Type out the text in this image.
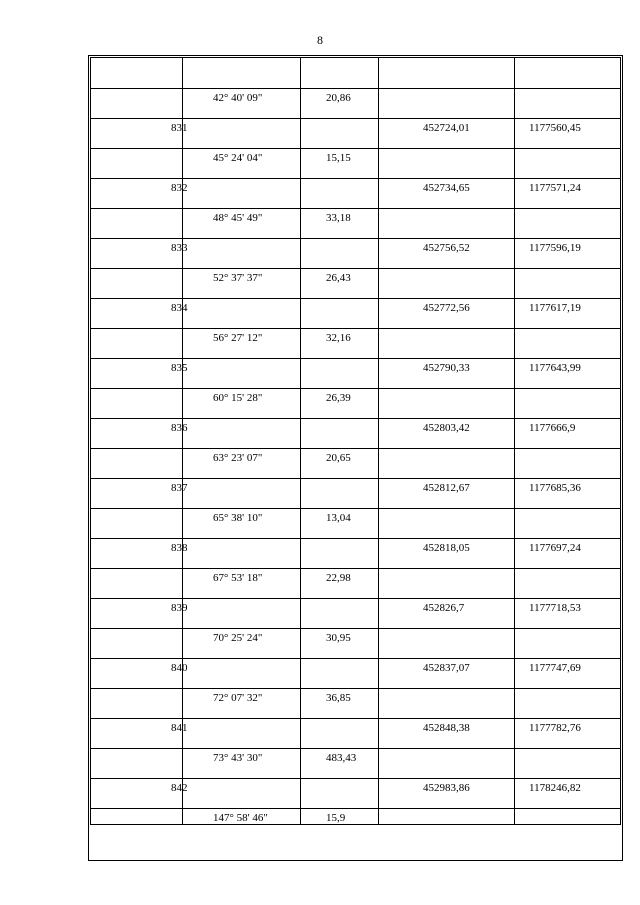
8

	42° 40' 09"	20,86		

831			452724,01	1177560,45

	45° 24' 04"	15,15		

832			452734,65	1177571,24

	48° 45' 49"	33,18		

833			452756,52	1177596,19

	52° 37' 37"	26,43		

834			452772,56	1177617,19

	56° 27' 12"	32,16		

835			452790,33	1177643,99

	60° 15' 28"	26,39		

836			452803,42	1177666,9

	63° 23' 07"	20,65		

837			452812,67	1177685,36

	65° 38' 10"	13,04		

838			452818,05	1177697,24

	67° 53' 18"	22,98		

839			452826,7	1177718,53

	70° 25' 24"	30,95		

840			452837,07	1177747,69

	72° 07' 32"	36,85		

841			452848,38	1177782,76

	73° 43' 30"	483,43		

842			452983,86	1178246,82

	147° 58' 46"	15,9		
